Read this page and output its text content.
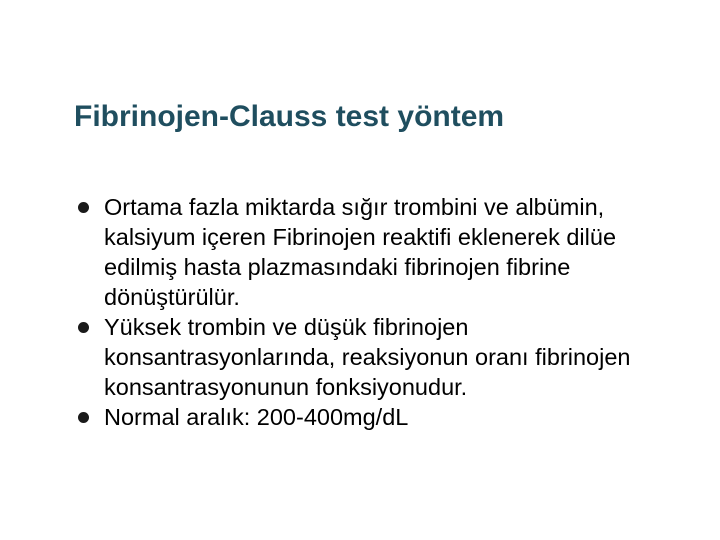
Fibrinojen-Clauss test yöntem
Ortama fazla miktarda sığır trombini ve albümin, kalsiyum içeren Fibrinojen reaktifi eklenerek dilüe edilmiş hasta plazmasındaki fibrinojen fibrine dönüştürülür.
Yüksek trombin ve düşük fibrinojen konsantrasyonlarında, reaksiyonun oranı fibrinojen konsantrasyonunun fonksiyonudur.
Normal aralık: 200-400mg/dL
